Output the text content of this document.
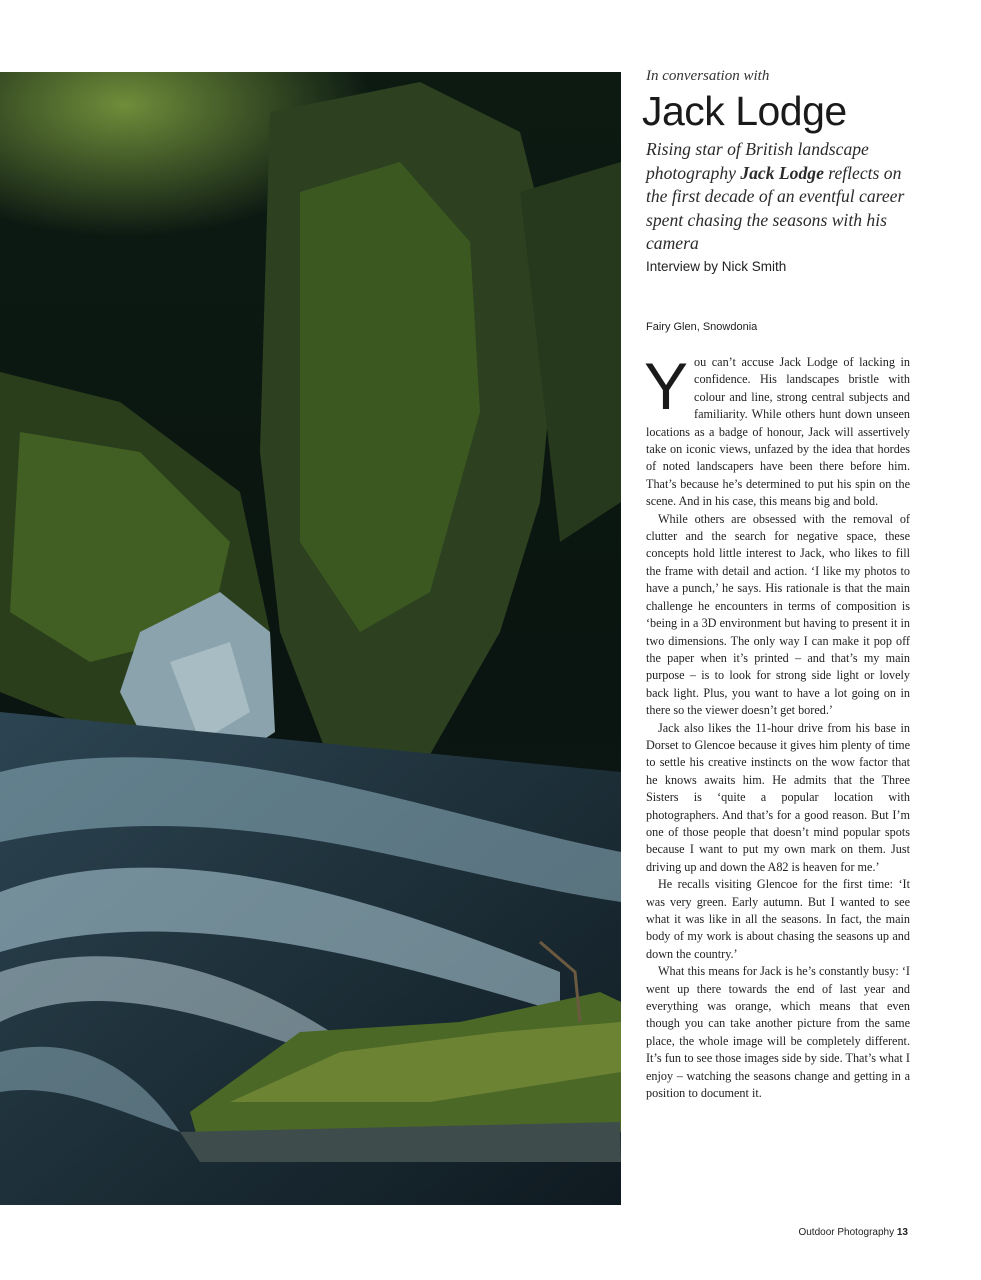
In conversation with

Jack Lodge

Rising star of British landscape photography Jack Lodge reflects on the first decade of an eventful career spent chasing the seasons with his camera

Interview by Nick Smith

Fairy Glen, Snowdonia

You can’t accuse Jack Lodge of lacking in confidence. His landscapes bristle with colour and line, strong central subjects and familiarity. While others hunt down unseen locations as a badge of honour, Jack will assertively take on iconic views, unfazed by the idea that hordes of noted landscapers have been there before him. That’s because he’s determined to put his spin on the scene. And in his case, this means big and bold.

While others are obsessed with the removal of clutter and the search for negative space, these concepts hold little interest to Jack, who likes to fill the frame with detail and action. ‘I like my photos to have a punch,’ he says. His rationale is that the main challenge he encounters in terms of composition is ‘being in a 3D environment but having to present it in two dimensions. The only way I can make it pop off the paper when it’s printed – and that’s my main purpose – is to look for strong side light or lovely back light. Plus, you want to have a lot going on in there so the viewer doesn’t get bored.’

Jack also likes the 11-hour drive from his base in Dorset to Glencoe because it gives him plenty of time to settle his creative instincts on the wow factor that he knows awaits him. He admits that the Three Sisters is ‘quite a popular location with photographers. And that’s for a good reason. But I’m one of those people that doesn’t mind popular spots because I want to put my own mark on them. Just driving up and down the A82 is heaven for me.’

He recalls visiting Glencoe for the first time: ‘It was very green. Early autumn. But I wanted to see what it was like in all the seasons. In fact, the main body of my work is about chasing the seasons up and down the country.’

What this means for Jack is he’s constantly busy: ‘I went up there towards the end of last year and everything was orange, which means that even though you can take another picture from the same place, the whole image will be completely different. It’s fun to see those images side by side. That’s what I enjoy – watching the seasons change and getting in a position to document it.

Outdoor Photography 13
